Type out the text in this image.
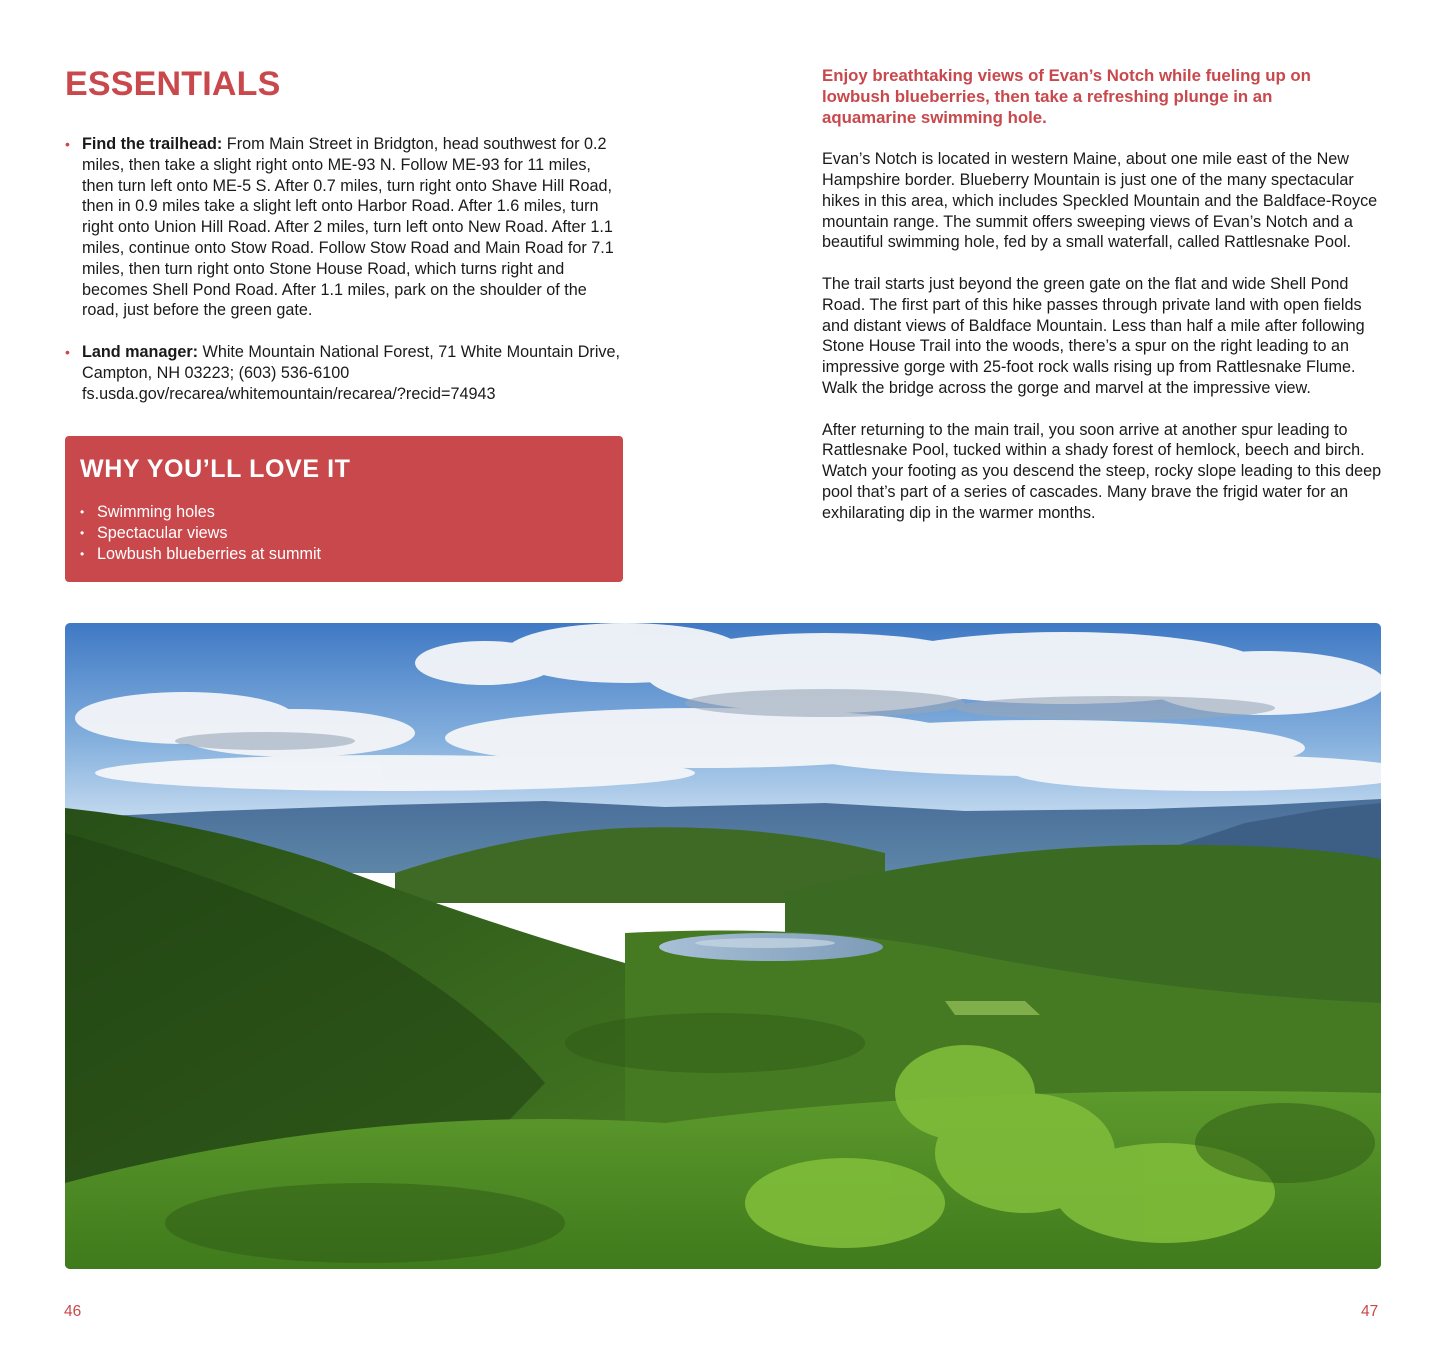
ESSENTIALS
• Find the trailhead: From Main Street in Bridgton, head southwest for 0.2 miles, then take a slight right onto ME-93 N. Follow ME-93 for 11 miles, then turn left onto ME-5 S. After 0.7 miles, turn right onto Shave Hill Road, then in 0.9 miles take a slight left onto Harbor Road. After 1.6 miles, turn right onto Union Hill Road. After 2 miles, turn left onto New Road. After 1.1 miles, continue onto Stow Road. Follow Stow Road and Main Road for 7.1 miles, then turn right onto Stone House Road, which turns right and becomes Shell Pond Road. After 1.1 miles, park on the shoulder of the road, just before the green gate.
• Land manager: White Mountain National Forest, 71 White Mountain Drive, Campton, NH 03223; (603) 536-6100
fs.usda.gov/recarea/whitemountain/recarea/?recid=74943
WHY YOU’LL LOVE IT
• Swimming holes
• Spectacular views
• Lowbush blueberries at summit

Enjoy breathtaking views of Evan’s Notch while fueling up on lowbush blueberries, then take a refreshing plunge in an aquamarine swimming hole.

Evan’s Notch is located in western Maine, about one mile east of the New Hampshire border. Blueberry Mountain is just one of the many spectacular hikes in this area, which includes Speckled Mountain and the Baldface-Royce mountain range. The summit offers sweeping views of Evan’s Notch and a beautiful swimming hole, fed by a small waterfall, called Rattlesnake Pool.

The trail starts just beyond the green gate on the flat and wide Shell Pond Road. The first part of this hike passes through private land with open fields and distant views of Baldface Mountain. Less than half a mile after following Stone House Trail into the woods, there’s a spur on the right leading to an impressive gorge with 25-foot rock walls rising up from Rattlesnake Flume. Walk the bridge across the gorge and marvel at the impressive view.

After returning to the main trail, you soon arrive at another spur leading to Rattlesnake Pool, tucked within a shady forest of hemlock, beech and birch. Watch your footing as you descend the steep, rocky slope leading to this deep pool that’s part of a series of cascades. Many brave the frigid water for an exhilarating dip in the warmer months.

46	47
